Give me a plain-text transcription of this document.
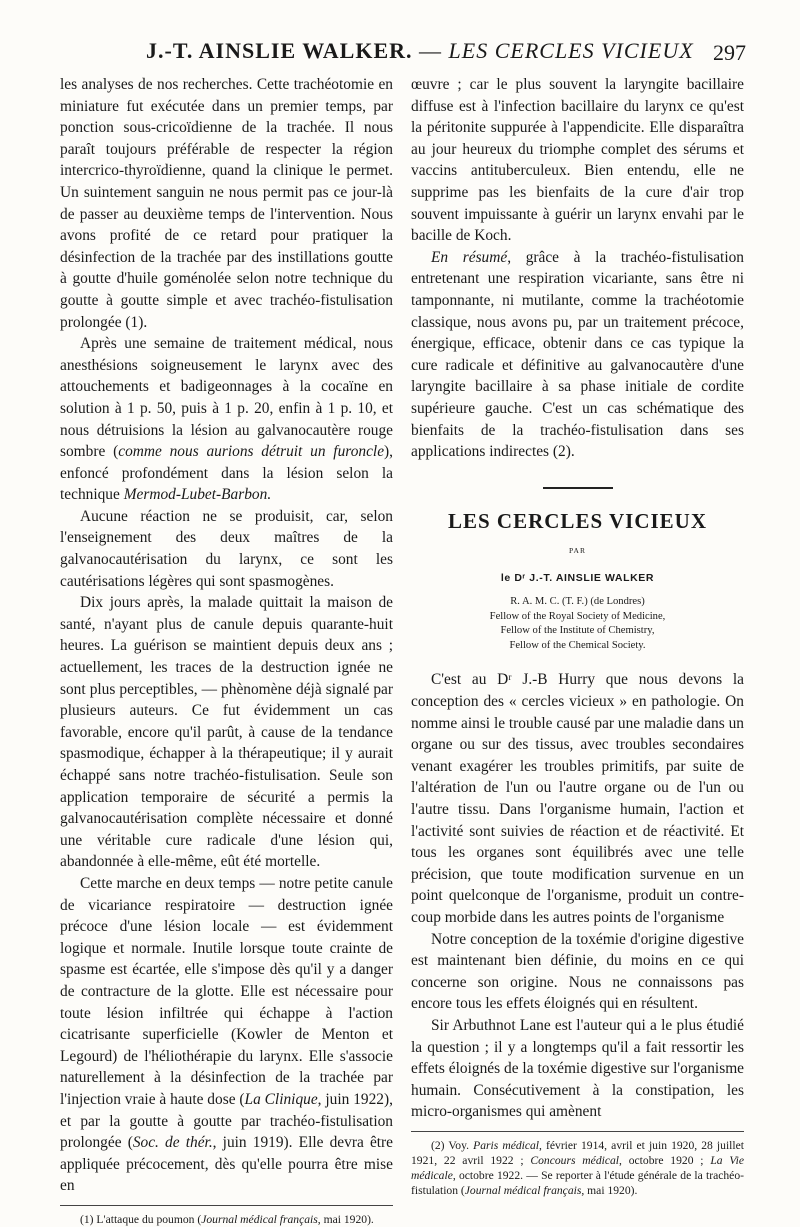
J.-T. AINSLIE WALKER. — LES CERCLES VICIEUX 297

les analyses de nos recherches. Cette trachéotomie en miniature fut exécutée dans un premier temps, par ponction sous-cricoïdienne de la trachée. Il nous paraît toujours préférable de respecter la région intercrico-thyroïdienne, quand la clinique le permet. Un suintement sanguin ne nous permit pas ce jour-là de passer au deuxième temps de l'intervention. Nous avons profité de ce retard pour pratiquer la désinfection de la trachée par des instillations goutte à goutte d'huile goménolée selon notre technique du goutte à goutte simple et avec trachéo-fistulisation prolongée (1).

Après une semaine de traitement médical, nous anesthésions soigneusement le larynx avec des attouchements et badigeonnages à la cocaïne en solution à 1 p. 50, puis à 1 p. 20, enfin à 1 p. 10, et nous détruisions la lésion au galvanocautère rouge sombre (comme nous aurions détruit un furoncle), enfoncé profondément dans la lésion selon la technique Mermod-Lubet-Barbon.

Aucune réaction ne se produisit, car, selon l'enseignement des deux maîtres de la galvanocautérisation du larynx, ce sont les cautérisations légères qui sont spasmogènes.

Dix jours après, la malade quittait la maison de santé, n'ayant plus de canule depuis quarante-huit heures. La guérison se maintient depuis deux ans ; actuellement, les traces de la destruction ignée ne sont plus perceptibles, — phènomène déjà signalé par plusieurs auteurs. Ce fut évidemment un cas favorable, encore qu'il parût, à cause de la tendance spasmodique, échapper à la thérapeutique; il y aurait échappé sans notre trachéo-fistulisation. Seule son application temporaire de sécurité a permis la galvanocautérisation complète nécessaire et donné une véritable cure radicale d'une lésion qui, abandonnée à elle-même, eût été mortelle.

Cette marche en deux temps — notre petite canule de vicariance respiratoire — destruction ignée précoce d'une lésion locale — est évidemment logique et normale. Inutile lorsque toute crainte de spasme est écartée, elle s'impose dès qu'il y a danger de contracture de la glotte. Elle est nécessaire pour toute lésion infiltrée qui échappe à l'action cicatrisante superficielle (Kowler de Menton et Legourd) de l'héliothérapie du larynx. Elle s'associe naturellement à la désinfection de la trachée par l'injection vraie à haute dose (La Clinique, juin 1922), et par la goutte à goutte par trachéo-fistulisation prolongée (Soc. de thér., juin 1919). Elle devra être appliquée précocement, dès qu'elle pourra être mise en

(1) L'attaque du poumon (Journal médical français, mai 1920).

œuvre ; car le plus souvent la laryngite bacillaire diffuse est à l'infection bacillaire du larynx ce qu'est la péritonite suppurée à l'appendicite. Elle disparaîtra au jour heureux du triomphe complet des sérums et vaccins antituberculeux. Bien entendu, elle ne supprime pas les bienfaits de la cure d'air trop souvent impuissante à guérir un larynx envahi par le bacille de Koch.

En résumé, grâce à la trachéo-fistulisation entretenant une respiration vicariante, sans être ni tamponnante, ni mutilante, comme la trachéotomie classique, nous avons pu, par un traitement précoce, énergique, efficace, obtenir dans ce cas typique la cure radicale et définitive au galvanocautère d'une laryngite bacillaire à sa phase initiale de cordite supérieure gauche. C'est un cas schématique des bienfaits de la trachéo-fistulisation dans ses applications indirectes (2).

LES CERCLES VICIEUX
PAR
le Dʳ J.-T. AINSLIE WALKER
R. A. M. C. (T. F.) (de Londres)
Fellow of the Royal Society of Medicine,
Fellow of the Institute of Chemistry,
Fellow of the Chemical Society.

C'est au Dʳ J.-B Hurry que nous devons la conception des « cercles vicieux » en pathologie. On nomme ainsi le trouble causé par une maladie dans un organe ou sur des tissus, avec troubles secondaires venant exagérer les troubles primitifs, par suite de l'altération de l'un ou l'autre organe ou de l'un ou l'autre tissu. Dans l'organisme humain, l'action et l'activité sont suivies de réaction et de réactivité. Et tous les organes sont équilibrés avec une telle précision, que toute modification survenue en un point quelconque de l'organisme, produit un contre-coup morbide dans les autres points de l'organisme

Notre conception de la toxémie d'origine digestive est maintenant bien définie, du moins en ce qui concerne son origine. Nous ne connaissons pas encore tous les effets éloignés qui en résultent.

Sir Arbuthnot Lane est l'auteur qui a le plus étudié la question ; il y a longtemps qu'il a fait ressortir les effets éloignés de la toxémie digestive sur l'organisme humain. Consécutivement à la constipation, les micro-organismes qui amènent

(2) Voy. Paris médical, février 1914, avril et juin 1920, 28 juillet 1921, 22 avril 1922 ; Concours médical, octobre 1920 ; La Vie médicale, octobre 1922. — Se reporter à l'étude générale de la trachéo-fistulation (Journal médical français, mai 1920).
